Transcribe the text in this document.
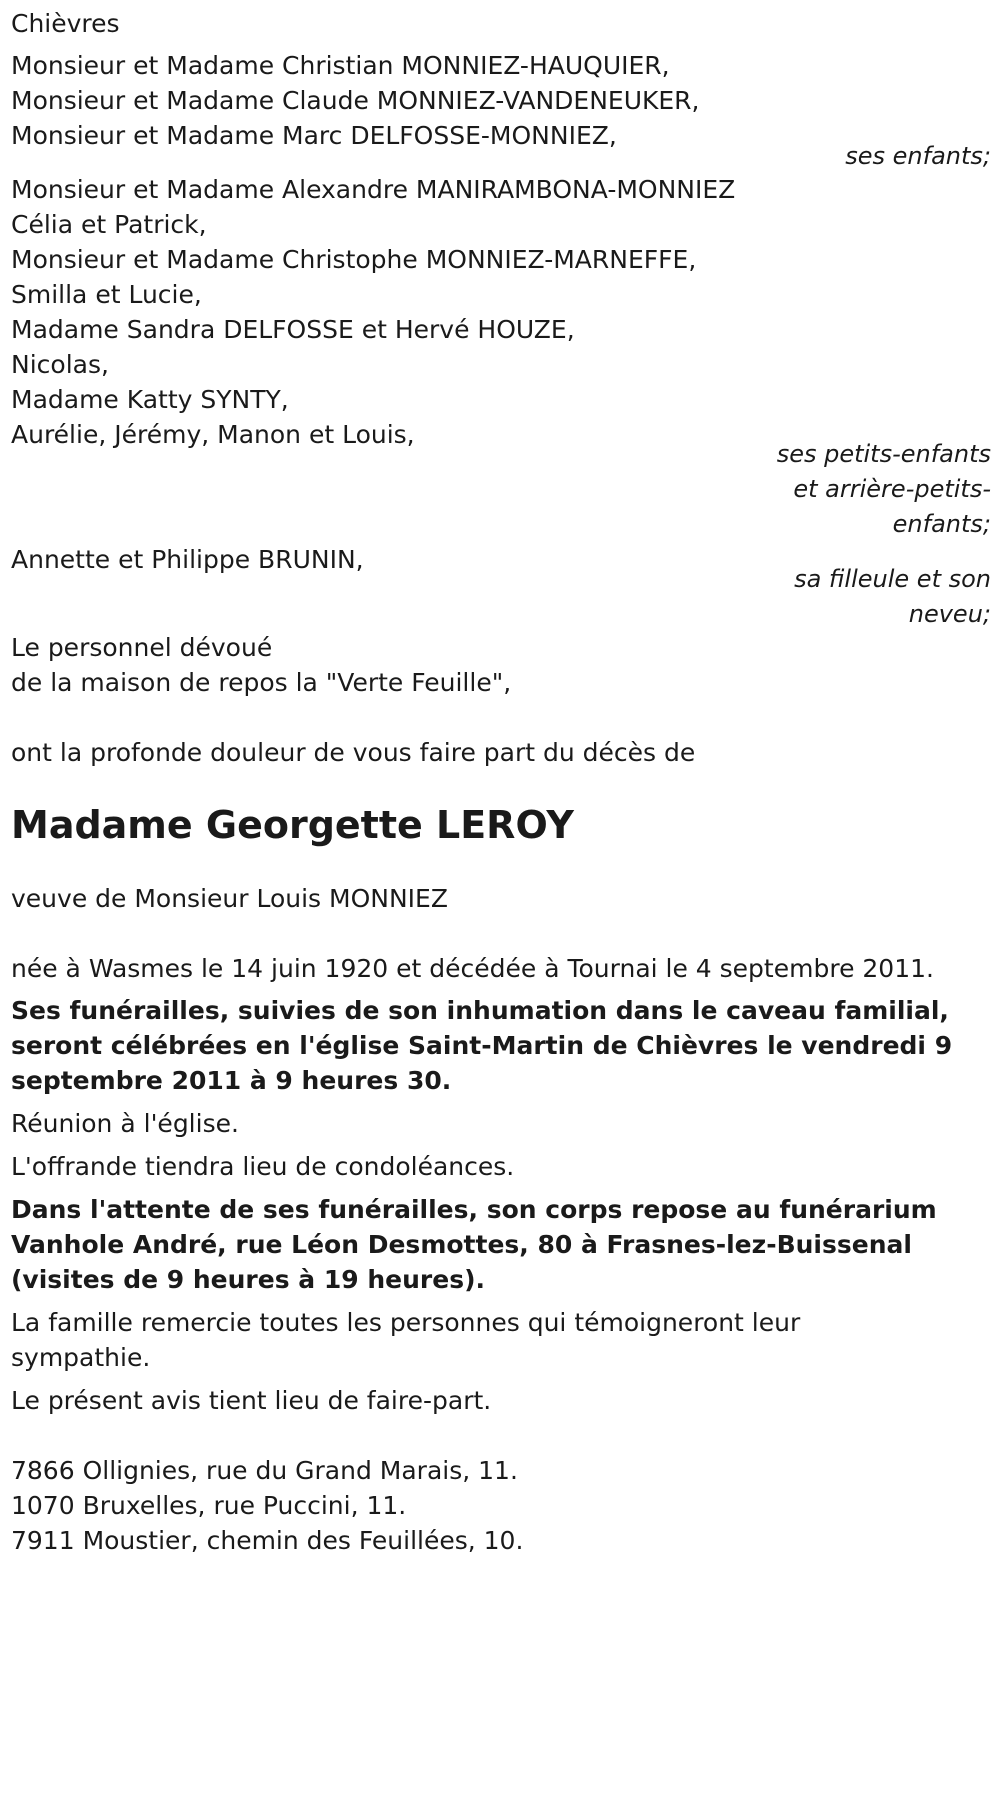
Chièvres
Monsieur et Madame Christian MONNIEZ-HAUQUIER,
Monsieur et Madame Claude MONNIEZ-VANDENEUKER,
Monsieur et Madame Marc DELFOSSE-MONNIEZ,
ses enfants;
Monsieur et Madame Alexandre MANIRAMBONA-MONNIEZ
Célia et Patrick,
Monsieur et Madame Christophe MONNIEZ-MARNEFFE,
Smilla et Lucie,
Madame Sandra DELFOSSE et Hervé HOUZE,
Nicolas,
Madame Katty SYNTY,
Aurélie, Jérémy, Manon et Louis,
ses petits-enfants
et arrière-petits-
enfants;
Annette et Philippe BRUNIN,
sa filleule et son
neveu;
Le personnel dévoué
de la maison de repos la "Verte Feuille",
ont la profonde douleur de vous faire part du décès de
Madame Georgette LEROY
veuve de Monsieur Louis MONNIEZ
née à Wasmes le 14 juin 1920 et décédée à Tournai le 4 septembre 2011.
Ses funérailles, suivies de son inhumation dans le caveau familial,
seront célébrées en l'église Saint-Martin de Chièvres le vendredi 9
septembre 2011 à 9 heures 30.
Réunion à l'église.
L'offrande tiendra lieu de condoléances.
Dans l'attente de ses funérailles, son corps repose au funérarium
Vanhole André, rue Léon Desmottes, 80 à Frasnes-lez-Buissenal
(visites de 9 heures à 19 heures).
La famille remercie toutes les personnes qui témoigneront leur
sympathie.
Le présent avis tient lieu de faire-part.
7866 Ollignies, rue du Grand Marais, 11.
1070 Bruxelles, rue Puccini, 11.
7911 Moustier, chemin des Feuillées, 10.
